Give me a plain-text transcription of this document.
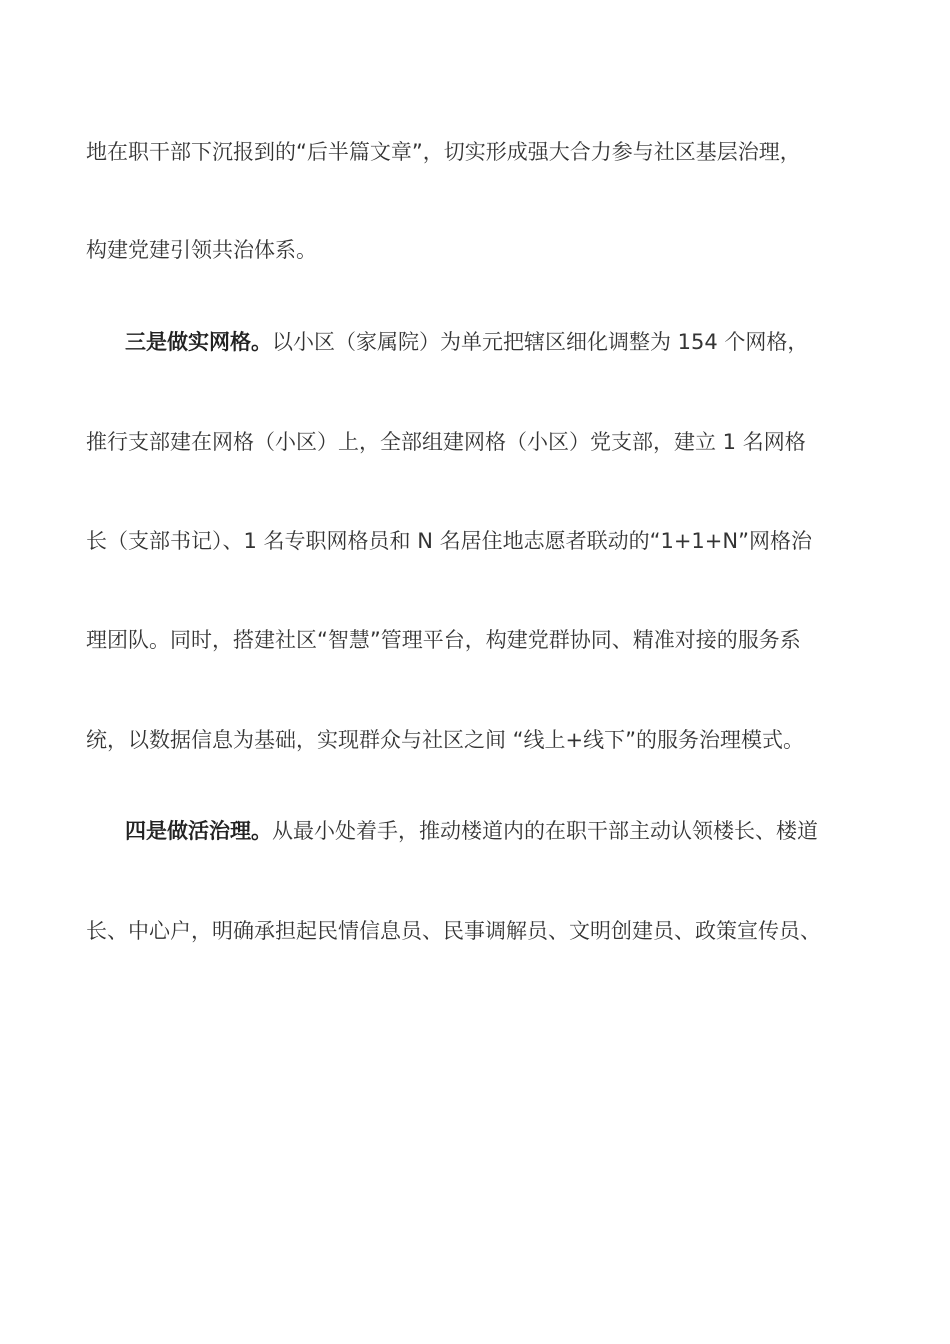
地在职干部下沉报到的“后半篇文章”，切实形成强大合力参与社区基层治理，
构建党建引领共治体系。
三是做实网格。以小区（家属院）为单元把辖区细化调整为 154 个网格，
推行支部建在网格（小区）上，全部组建网格（小区）党支部，建立 1 名网格
长（支部书记）、1 名专职网格员和 N 名居住地志愿者联动的“1+1+N”网格治
理团队。同时，搭建社区“智慧”管理平台，构建党群协同、精准对接的服务系
统，以数据信息为基础，实现群众与社区之间 “线上+线下”的服务治理模式。
四是做活治理。从最小处着手，推动楼道内的在职干部主动认领楼长、楼道
长、中心户，明确承担起民情信息员、民事调解员、文明创建员、政策宣传员、
